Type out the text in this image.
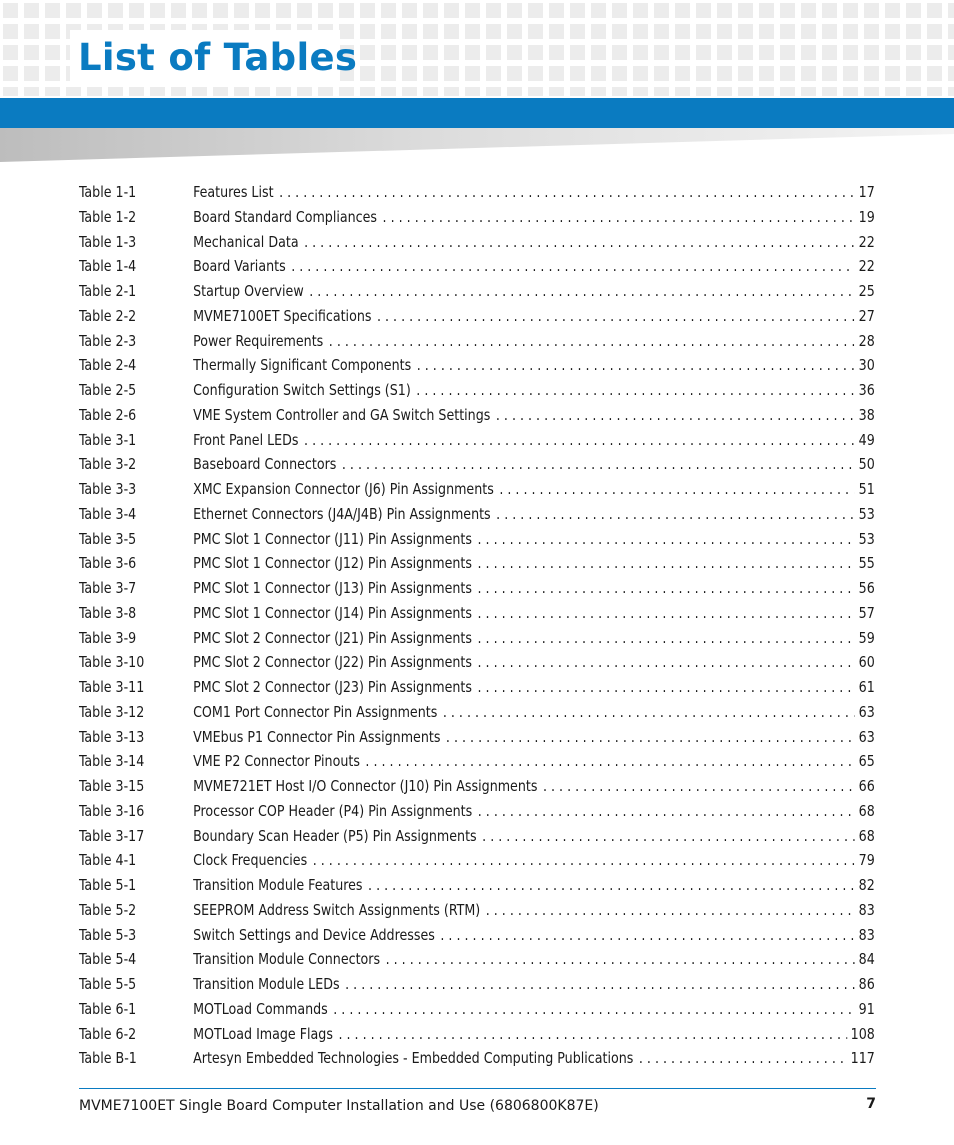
List of Tables
Table 1-1	Features List . . .	17
Table 1-2	Board Standard Compliances . . .	19
Table 1-3	Mechanical Data . . .	22
Table 1-4	Board Variants . . .	22
Table 2-1	Startup Overview . . .	25
Table 2-2	MVME7100ET Specifications . . .	27
Table 2-3	Power Requirements . . .	28
Table 2-4	Thermally Significant Components . . .	30
Table 2-5	Configuration Switch Settings (S1) . . .	36
Table 2-6	VME System Controller and GA Switch Settings . . .	38
Table 3-1	Front Panel LEDs . . .	49
Table 3-2	Baseboard Connectors . . .	50
Table 3-3	XMC Expansion Connector (J6) Pin Assignments . . .	51
Table 3-4	Ethernet Connectors (J4A/J4B) Pin Assignments . . .	53
Table 3-5	PMC Slot 1 Connector (J11) Pin Assignments . . .	53
Table 3-6	PMC Slot 1 Connector (J12) Pin Assignments . . .	55
Table 3-7	PMC Slot 1 Connector (J13) Pin Assignments . . .	56
Table 3-8	PMC Slot 1 Connector (J14) Pin Assignments . . .	57
Table 3-9	PMC Slot 2 Connector (J21) Pin Assignments . . .	59
Table 3-10	PMC Slot 2 Connector (J22) Pin Assignments . . .	60
Table 3-11	PMC Slot 2 Connector (J23) Pin Assignments . . .	61
Table 3-12	COM1 Port Connector Pin Assignments . . .	63
Table 3-13	VMEbus P1 Connector Pin Assignments . . .	63
Table 3-14	VME P2 Connector Pinouts . . .	65
Table 3-15	MVME721ET Host I/O Connector (J10) Pin Assignments . . .	66
Table 3-16	Processor COP Header (P4) Pin Assignments . . .	68
Table 3-17	Boundary Scan Header (P5) Pin Assignments . . .	68
Table 4-1	Clock Frequencies . . .	79
Table 5-1	Transition Module Features . . .	82
Table 5-2	SEEPROM Address Switch Assignments (RTM) . . .	83
Table 5-3	Switch Settings and Device Addresses . . .	83
Table 5-4	Transition Module Connectors . . .	84
Table 5-5	Transition Module LEDs . . .	86
Table 6-1	MOTLoad Commands . . .	91
Table 6-2	MOTLoad Image Flags . . .	108
Table B-1	Artesyn Embedded Technologies - Embedded Computing Publications . . .	117
MVME7100ET Single Board Computer Installation and Use (6806800K87E)	7
